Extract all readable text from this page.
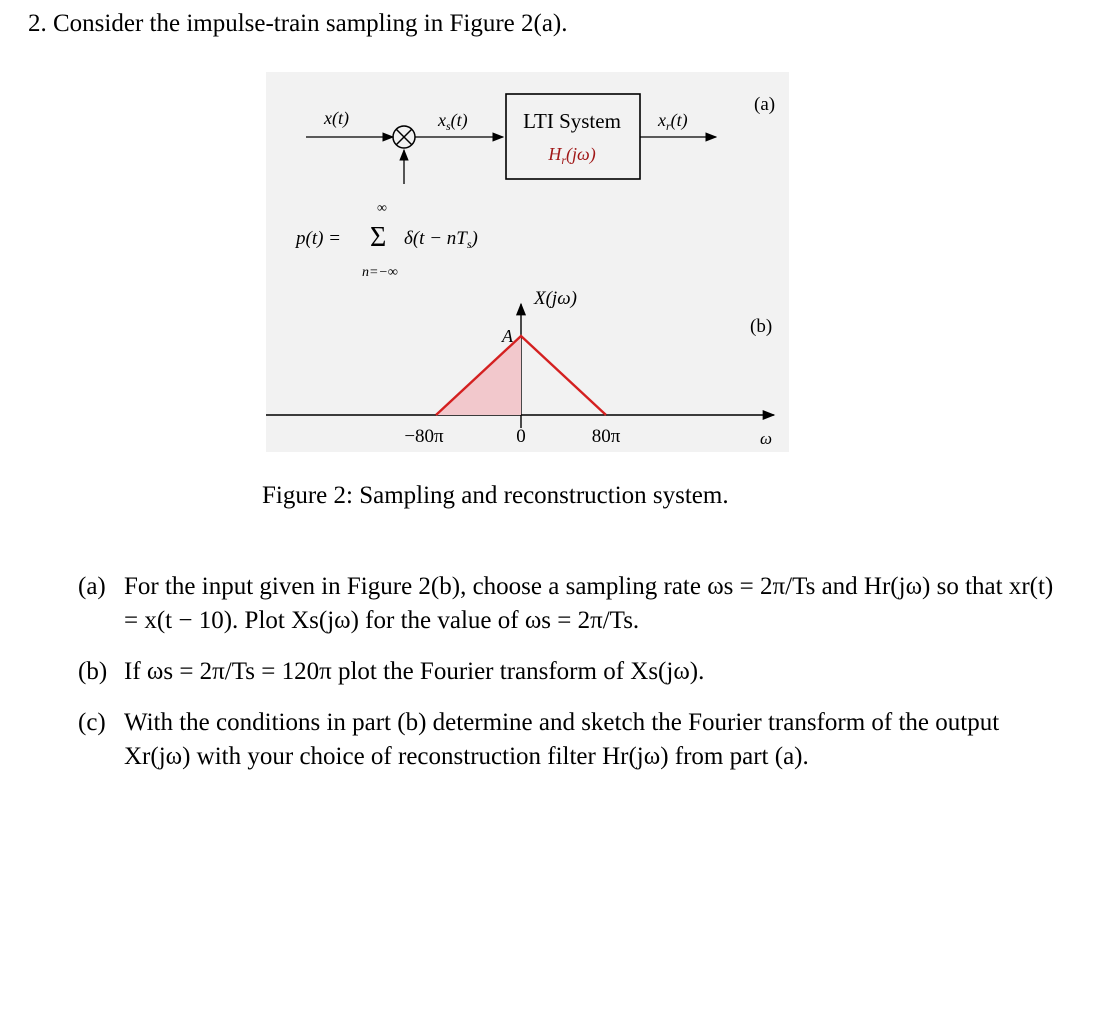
2. Consider the impulse-train sampling in Figure 2(a).
(a)
x(t)	$x_s(t)$	LTI System
$H_r(j\omega)$
$x_r(t)$
∞
p(t) = Σ $\delta(t - nT_s)$
n=−∞
(b)
X(jω)
A
−80π	0	80π	ω
Figure 2: Sampling and reconstruction system.
(a) For the input given in Figure 2(b), choose a sampling rate ωs = 2π/Ts and Hr(jω) so that xr(t) = x(t − 10). Plot Xs(jω) for the value of ωs = 2π/Ts.
(b) If ωs = 2π/Ts = 120π plot the Fourier transform of Xs(jω).
(c) With the conditions in part (b) determine and sketch the Fourier transform of the output Xr(jω) with your choice of reconstruction filter Hr(jω) from part (a).
